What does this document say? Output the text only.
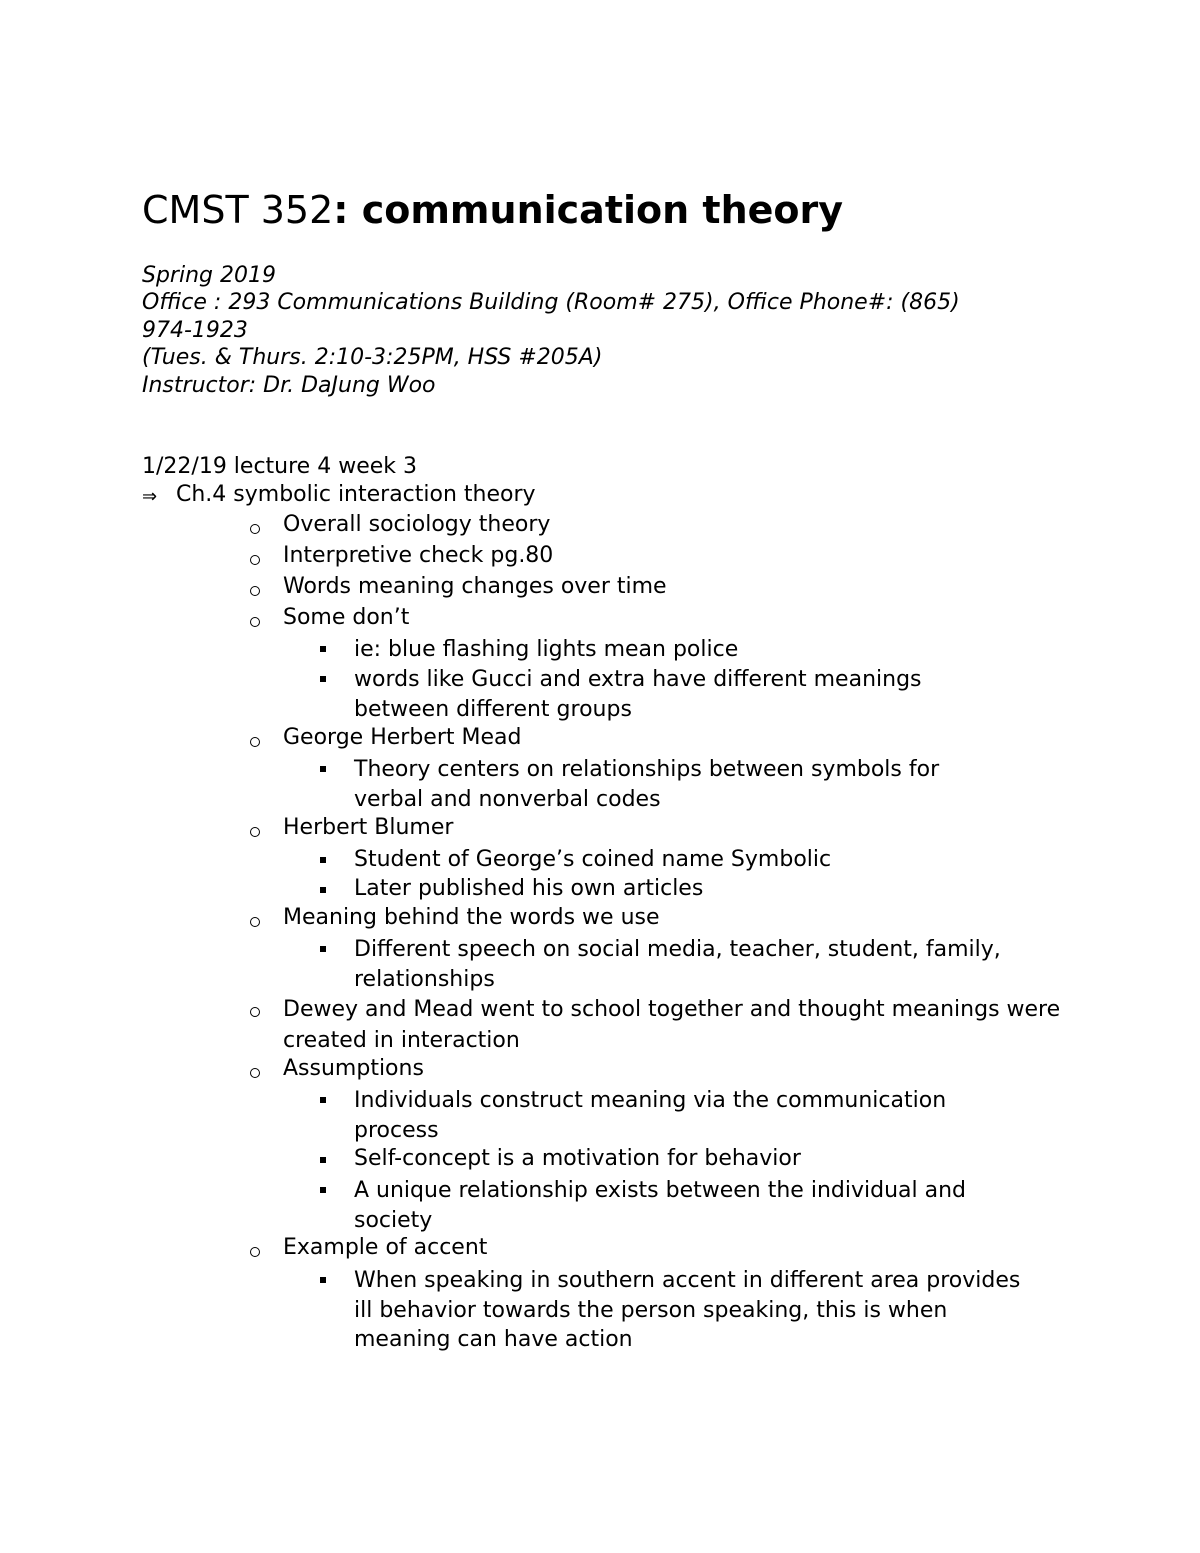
CMST 352: communication theory
Spring 2019
Office : 293 Communications Building (Room# 275), Office Phone#: (865)
974-1923
(Tues. & Thurs. 2:10-3:25PM, HSS #205A)
Instructor: Dr. DaJung Woo
1/22/19 lecture 4 week 3
⇒ Ch.4 symbolic interaction theory
Overall sociology theory
Interpretive check pg.80
Words meaning changes over time
Some don’t
ie: blue flashing lights mean police
words like Gucci and extra have different meanings between different groups
George Herbert Mead
Theory centers on relationships between symbols for verbal and nonverbal codes
Herbert Blumer
Student of George’s coined name Symbolic
Later published his own articles
Meaning behind the words we use
Different speech on social media, teacher, student, family, relationships
Dewey and Mead went to school together and thought meanings were created in interaction
Assumptions
Individuals construct meaning via the communication process
Self-concept is a motivation for behavior
A unique relationship exists between the individual and society
Example of accent
When speaking in southern accent in different area provides ill behavior towards the person speaking, this is when meaning can have action
